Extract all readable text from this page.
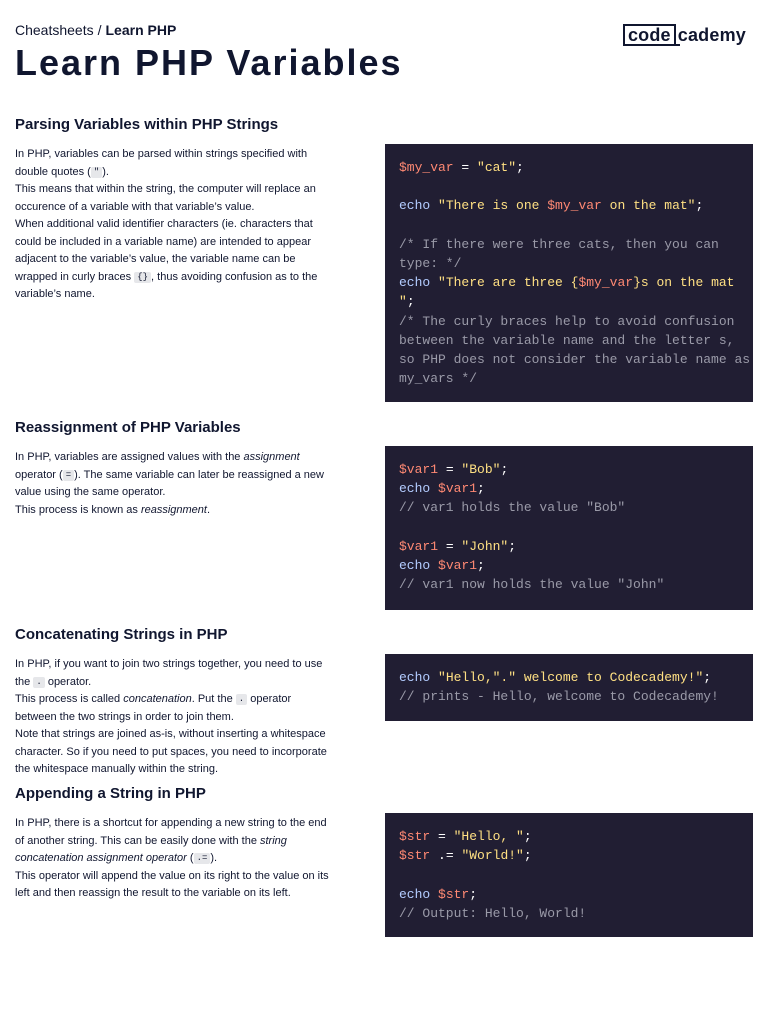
Cheatsheets / Learn PHP	code cademy
Learn PHP Variables
Parsing Variables within PHP Strings

In PHP, variables can be parsed within strings specified with double quotes ( " ).

This means that within the string, the computer will replace an occurence of a variable with that variable’s value.

When additional valid identifier characters (ie. characters that could be included in a variable name) are intended to appear adjacent to the variable’s value, the variable name can be wrapped in curly braces {} , thus avoiding confusion as to the variable’s name.

$my_var = "cat";

echo "There is one $my_var on the mat";

/* If there were three cats, then you can
type: */
echo "There are three {$my_var}s on the mat
";
/* The curly braces help to avoid confusion
between the variable name and the letter s,
so PHP does not consider the variable name as
my_vars */
Reassignment of PHP Variables

In PHP, variables are assigned values with the assignment operator ( = ). The same variable can later be reassigned a new value using the same operator.

This process is known as reassignment.

$var1 = "Bob";
echo $var1;
// var1 holds the value "Bob"

$var1 = "John";
echo $var1;
// var1 now holds the value "John"
Concatenating Strings in PHP

In PHP, if you want to join two strings together, you need to use the . operator.

This process is called concatenation. Put the . operator between the two strings in order to join them.

Note that strings are joined as-is, without inserting a whitespace character. So if you need to put spaces, you need to incorporate the whitespace manually within the string.

echo "Hello,"." welcome to Codecademy!";
// prints - Hello, welcome to Codecademy!
Appending a String in PHP

In PHP, there is a shortcut for appending a new string to the end of another string. This can be easily done with the string concatenation assignment operator ( .= ).

This operator will append the value on its right to the value on its left and then reassign the result to the variable on its left.

$str = "Hello, ";
$str .= "World!";

echo $str;
// Output: Hello, World!
